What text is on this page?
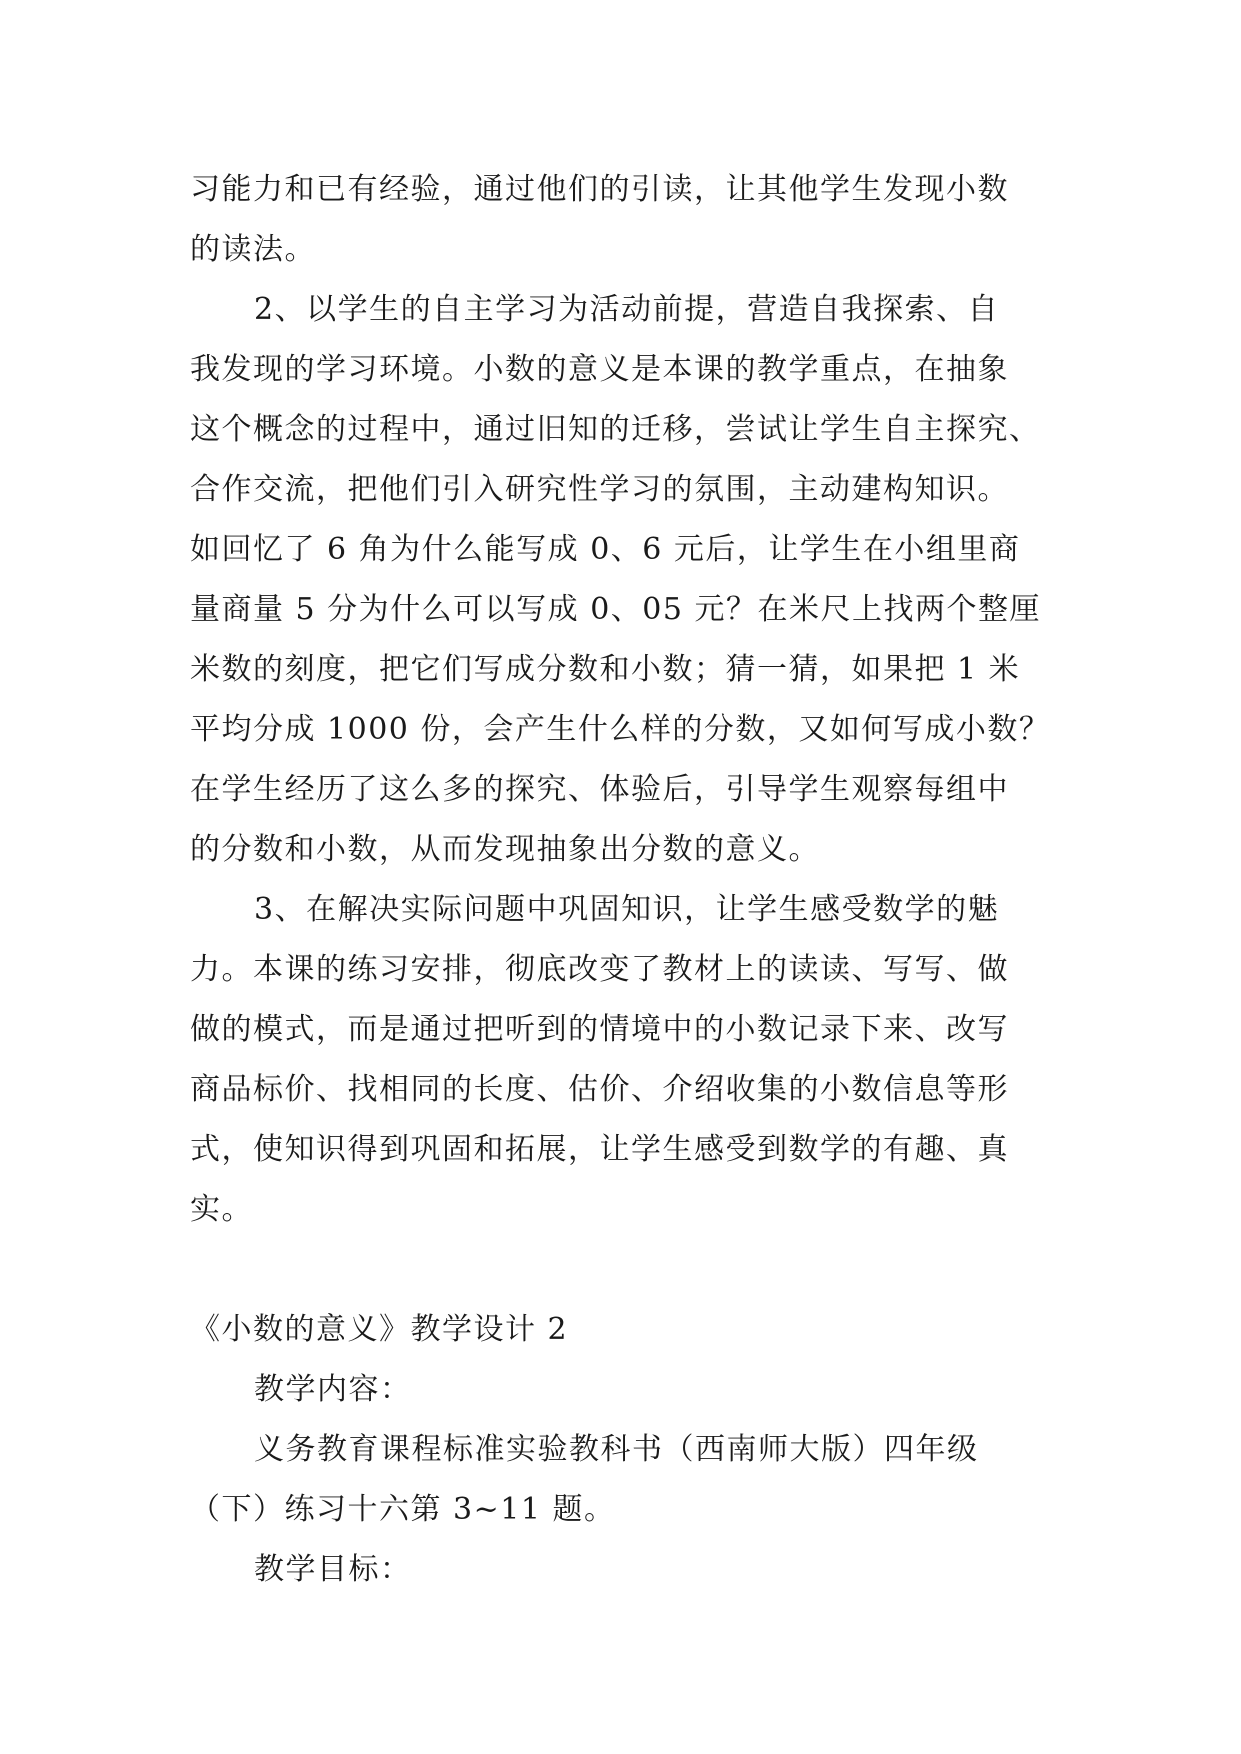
习能力和已有经验，通过他们的引读，让其他学生发现小数
的读法。
2、以学生的自主学习为活动前提，营造自我探索、自
我发现的学习环境。小数的意义是本课的教学重点，在抽象
这个概念的过程中，通过旧知的迁移，尝试让学生自主探究、
合作交流，把他们引入研究性学习的氛围，主动建构知识。
如回忆了 6 角为什么能写成 0、6 元后，让学生在小组里商
量商量 5 分为什么可以写成 0、05 元？在米尺上找两个整厘
米数的刻度，把它们写成分数和小数；猜一猜，如果把 1 米
平均分成 1000 份，会产生什么样的分数，又如何写成小数？
在学生经历了这么多的探究、体验后，引导学生观察每组中
的分数和小数，从而发现抽象出分数的意义。
3、在解决实际问题中巩固知识，让学生感受数学的魅
力。本课的练习安排，彻底改变了教材上的读读、写写、做
做的模式，而是通过把听到的情境中的小数记录下来、改写
商品标价、找相同的长度、估价、介绍收集的小数信息等形
式，使知识得到巩固和拓展，让学生感受到数学的有趣、真
实。
《小数的意义》教学设计 2
教学内容：
义务教育课程标准实验教科书（西南师大版）四年级
（下）练习十六第 3~11 题。
教学目标：
